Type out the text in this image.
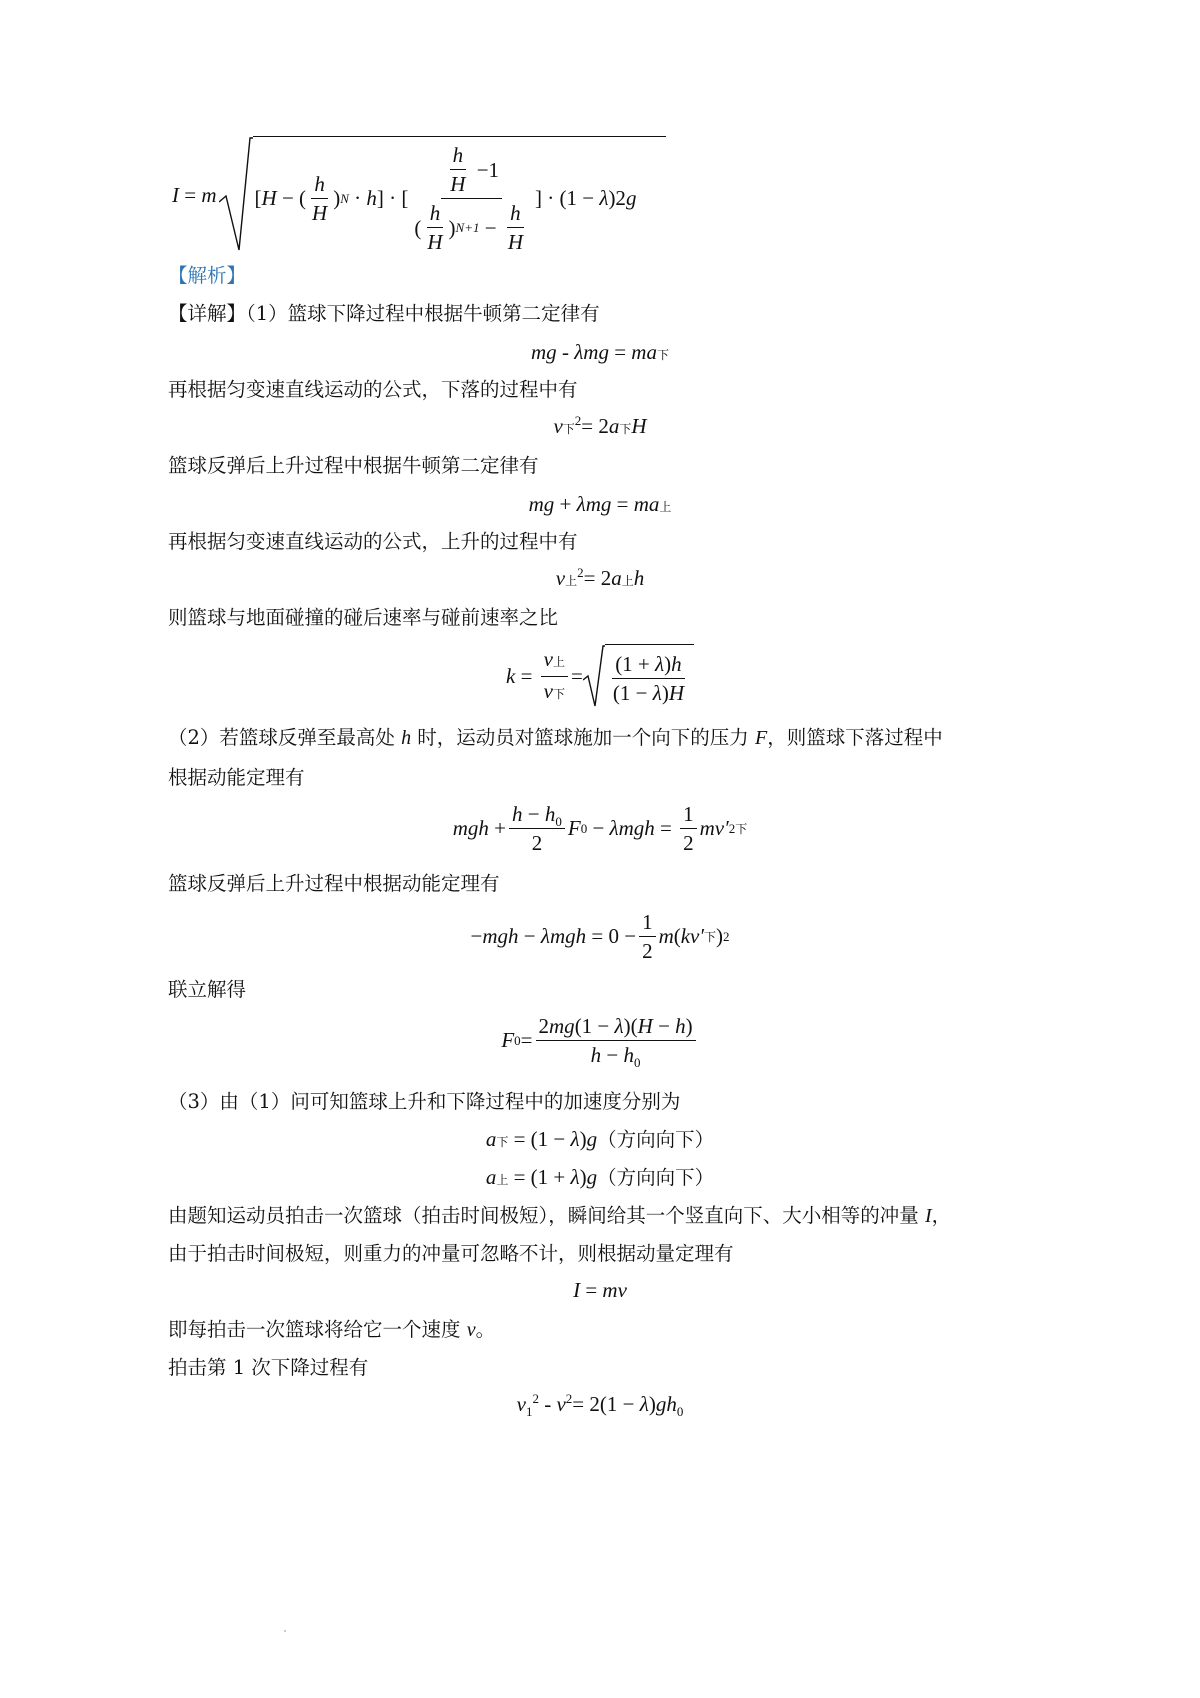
I = m [ H − ( $\frac{h}{H}$ ) N · h ] · [ $\frac{\frac{h}{H} -1}{( \frac{h}{H} ) N+1 - \frac{h}{H}}$ ] · (1 − λ )2 g
【解析】
【详解】（1）篮球下降过程中根据牛顿第二定律有
mg - λmg = ma下
再根据匀变速直线运动的公式，下落的过程中有
v下$^2$= 2a下H
篮球反弹后上升过程中根据牛顿第二定律有
mg + λmg = ma上
再根据匀变速直线运动的公式，上升的过程中有
v上$^2$= 2a上h
则篮球与地面碰撞的碰后速率与碰前速率之比
$k = \frac{\text{v上}}{\text{v下}} = \frac{(1 + \lambda)h}{(1 - \lambda)H}$
（2）若篮球反弹至最高处 h 时，运动员对篮球施加一个向下的压力 F，则篮球下落过程中
根据动能定理有
mgh + $\frac{h - h_0}{2}$ F $0 - \lambda mgh = \frac{1}{2} mv'$ 2 下
篮球反弹后上升过程中根据动能定理有
− mgh − $\lambda mgh = 0 - \frac{1}{2}$ m ( kv′ 下 ) 2
联立解得
F $0 = \frac{2mg(1 - \lambda)(H - h)}{h - h_0}$
（3）由（1）问可知篮球上升和下降过程中的加速度分别为
a下 = (1 − λ)g（方向向下）
a上 = (1 + λ)g（方向向下）
由题知运动员拍击一次篮球（拍击时间极短），瞬间给其一个竖直向下、大小相等的冲量 I，
由于拍击时间极短，则重力的冲量可忽略不计，则根据动量定理有
I = mv
即每拍击一次篮球将给它一个速度 v。
拍击第 1 次下降过程有
$v_1^2 - v^2= 2(1 - \lambda)gh_0$
